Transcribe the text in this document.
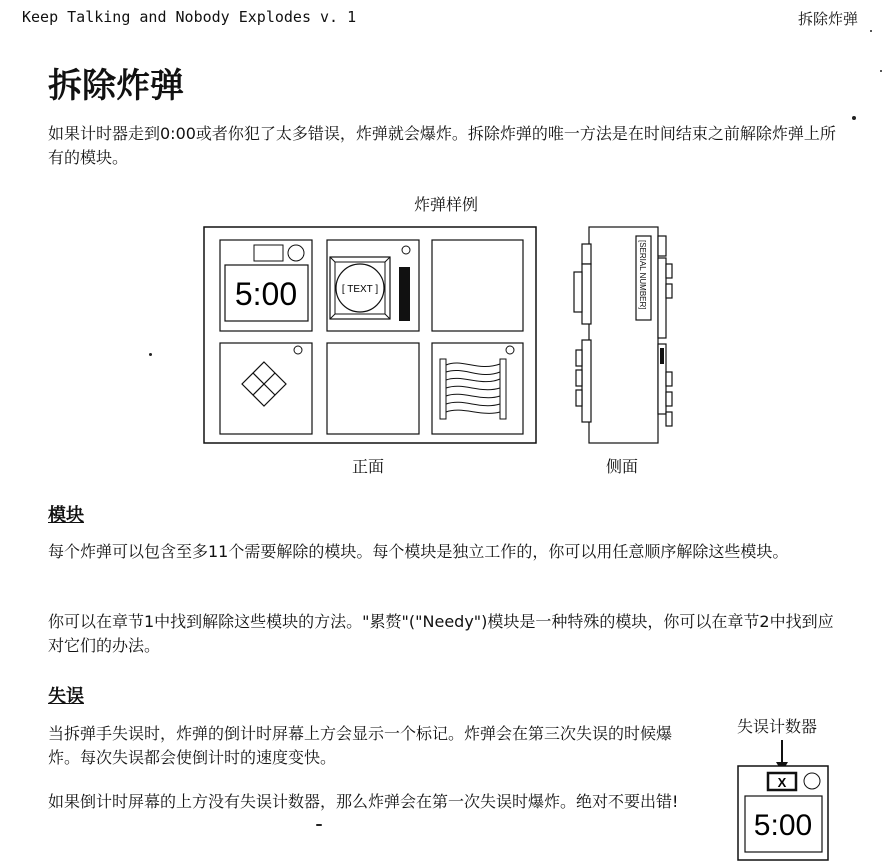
Keep Talking and Nobody Explodes v. 1	拆除炸弹
拆除炸弹

如果计时器走到0:00或者你犯了太多错误，炸弹就会爆炸。拆除炸弹的唯一方法是在时间结束之前解除炸弹上所有的模块。

炸弹样例
5:00	[ TEXT ]	[SERIAL NUMBER]
正面	侧面
模块

每个炸弹可以包含至多11个需要解除的模块。每个模块是独立工作的，你可以用任意顺序解除这些模块。

你可以在章节1中找到解除这些模块的方法。"累赘"("Needy")模块是一种特殊的模块，你可以在章节2中找到应对它们的办法。

失误

当拆弹手失误时，炸弹的倒计时屏幕上方会显示一个标记。炸弹会在第三次失误的时候爆炸。每次失误都会使倒计时的速度变快。

如果倒计时屏幕的上方没有失误计数器，那么炸弹会在第一次失误时爆炸。绝对不要出错!

失误计数器
X
5:00
